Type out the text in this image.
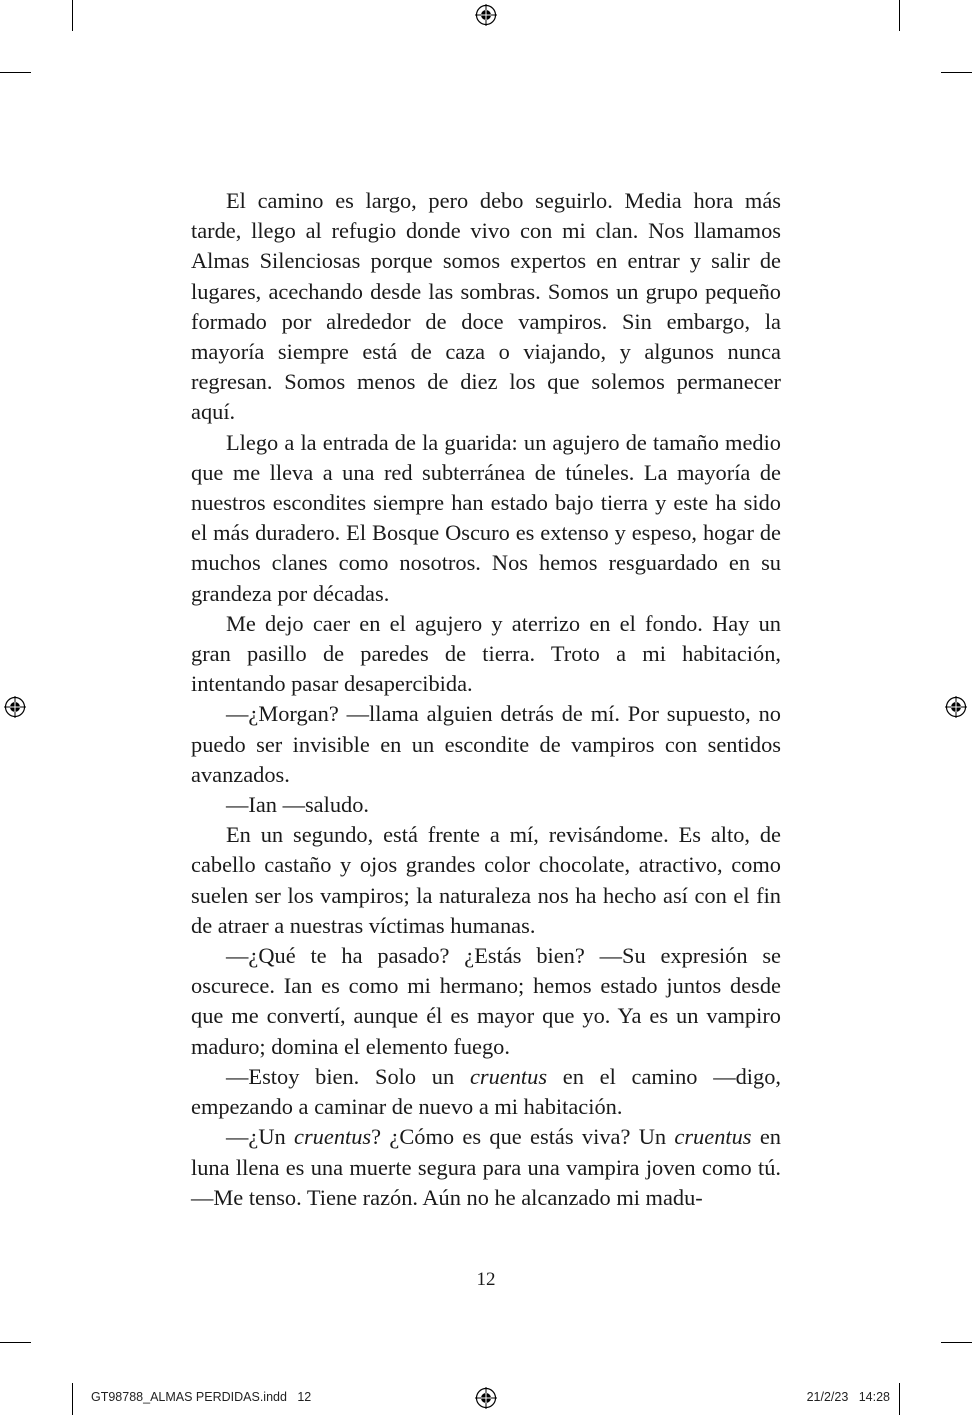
El camino es largo, pero debo seguirlo. Media hora más tarde, llego al refugio donde vivo con mi clan. Nos llamamos Almas Silenciosas porque somos expertos en entrar y salir de lugares, acechando desde las sombras. Somos un grupo pequeño formado por alrededor de doce vampiros. Sin embargo, la mayoría siempre está de caza o viajando, y algunos nunca regresan. Somos menos de diez los que solemos permanecer aquí.

Llego a la entrada de la guarida: un agujero de tamaño medio que me lleva a una red subterránea de túneles. La mayoría de nuestros escondites siempre han estado bajo tierra y este ha sido el más duradero. El Bosque Oscuro es extenso y espeso, hogar de muchos clanes como nosotros. Nos hemos resguardado en su grandeza por décadas.

Me dejo caer en el agujero y aterrizo en el fondo. Hay un gran pasillo de paredes de tierra. Troto a mi habitación, intentando pasar desapercibida.

—¿Morgan? —llama alguien detrás de mí. Por supuesto, no puedo ser invisible en un escondite de vampiros con sentidos avanzados.

—Ian —saludo.

En un segundo, está frente a mí, revisándome. Es alto, de cabello castaño y ojos grandes color chocolate, atractivo, como suelen ser los vampiros; la naturaleza nos ha hecho así con el fin de atraer a nuestras víctimas humanas.

—¿Qué te ha pasado? ¿Estás bien? —Su expresión se oscurece. Ian es como mi hermano; hemos estado juntos desde que me convertí, aunque él es mayor que yo. Ya es un vampiro maduro; domina el elemento fuego.

—Estoy bien. Solo un cruentus en el camino —digo, empezando a caminar de nuevo a mi habitación.

—¿Un cruentus? ¿Cómo es que estás viva? Un cruentus en luna llena es una muerte segura para una vampira joven como tú. —Me tenso. Tiene razón. Aún no he alcanzado mi madu-

12
GT98788_ALMAS PERDIDAS.indd   12	21/2/23   14:28
